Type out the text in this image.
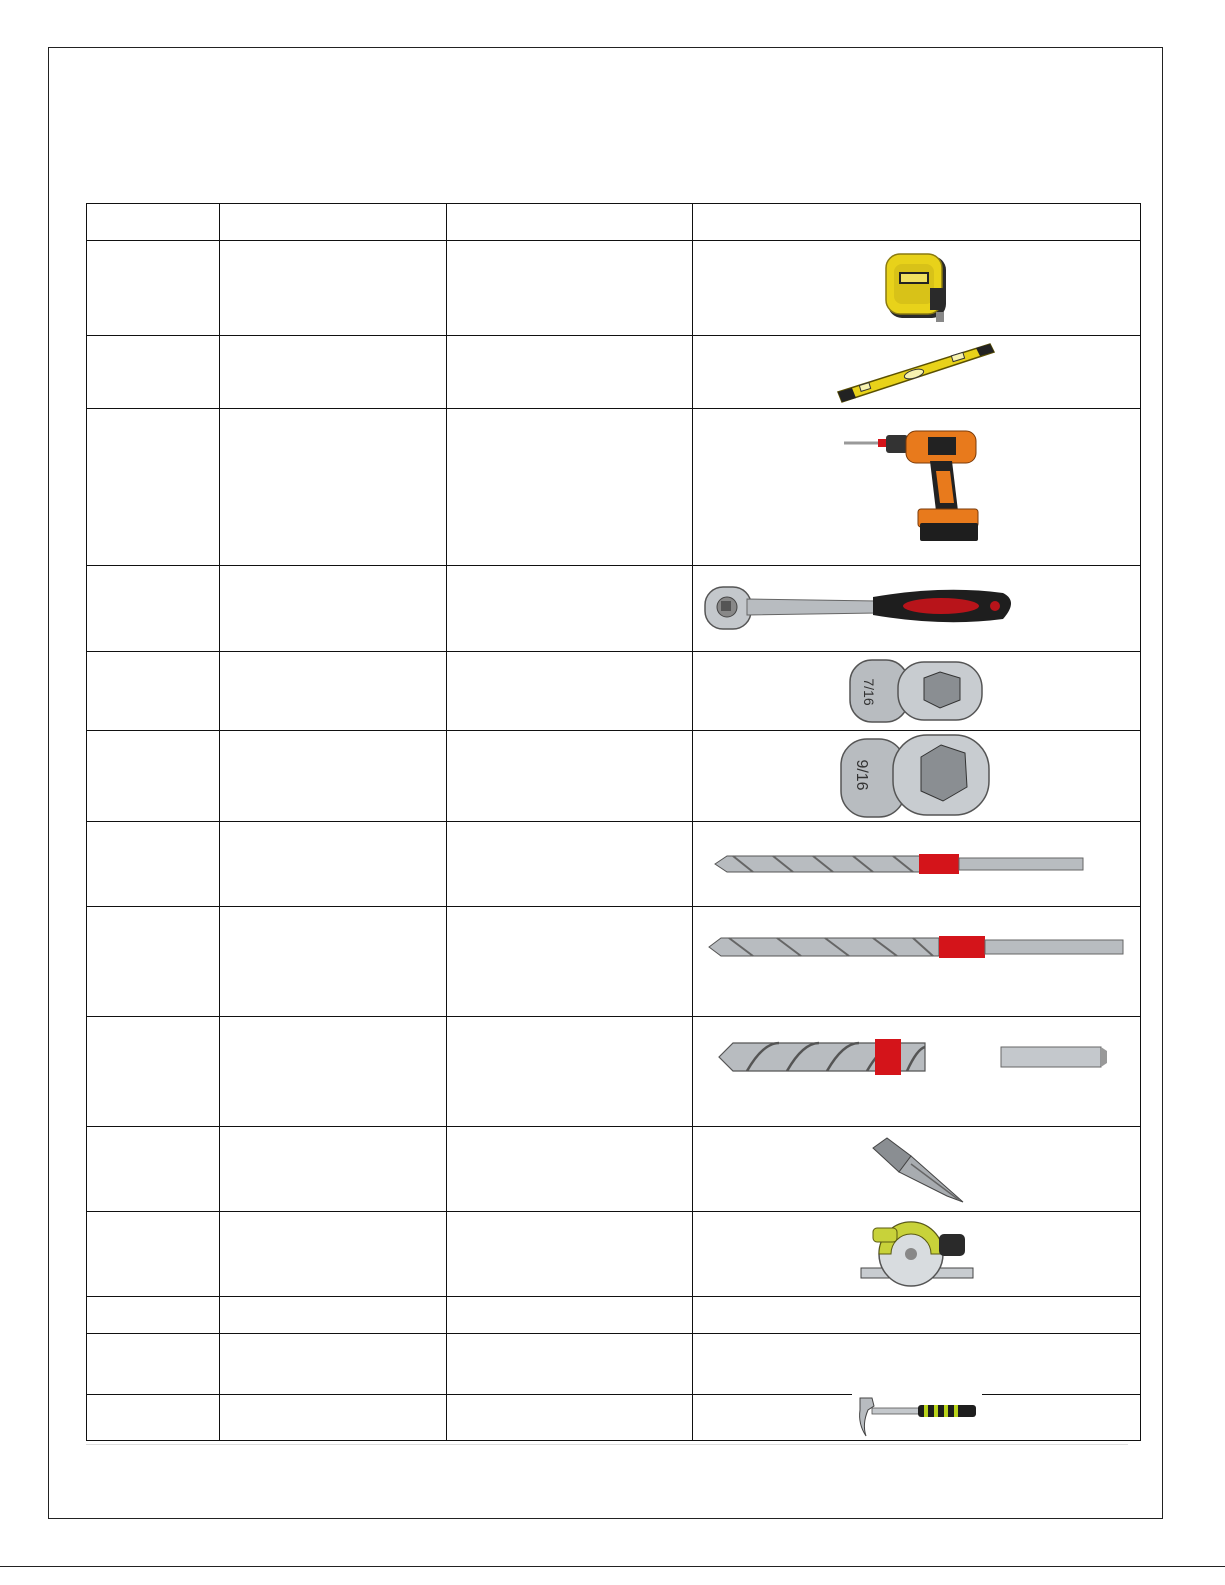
7/16

9/16
